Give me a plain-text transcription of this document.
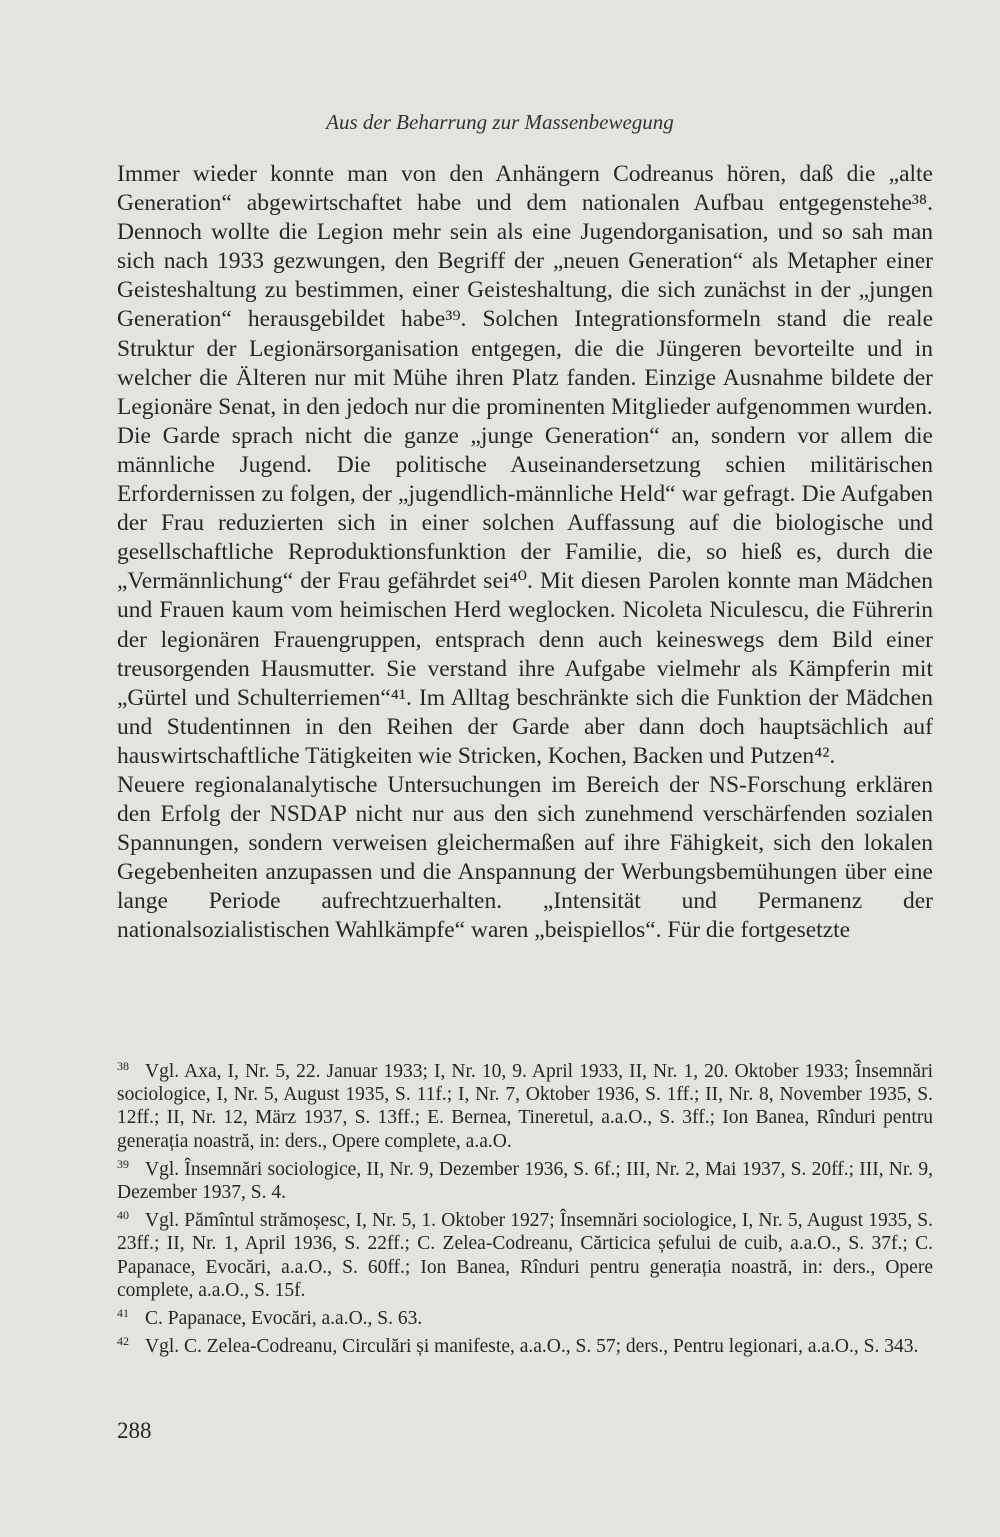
Aus der Beharrung zur Massenbewegung

Immer wieder konnte man von den Anhängern Codreanus hören, daß die „alte Generation“ abgewirtschaftet habe und dem nationalen Aufbau entgegenstehe³⁸. Dennoch wollte die Legion mehr sein als eine Jugendorganisation, und so sah man sich nach 1933 gezwungen, den Begriff der „neuen Generation“ als Metapher einer Geisteshaltung zu bestimmen, einer Geisteshaltung, die sich zunächst in der „jungen Generation“ herausgebildet habe³⁹. Solchen Integrationsformeln stand die reale Struktur der Legionärsorganisation entgegen, die die Jüngeren bevorteilte und in welcher die Älteren nur mit Mühe ihren Platz fanden. Einzige Ausnahme bildete der Legionäre Senat, in den jedoch nur die prominenten Mitglieder aufgenommen wurden.

Die Garde sprach nicht die ganze „junge Generation“ an, sondern vor allem die männliche Jugend. Die politische Auseinandersetzung schien militärischen Erfordernissen zu folgen, der „jugendlich-männliche Held“ war gefragt. Die Aufgaben der Frau reduzierten sich in einer solchen Auffassung auf die biologische und gesellschaftliche Reproduktionsfunktion der Familie, die, so hieß es, durch die „Vermännlichung“ der Frau gefährdet sei⁴⁰. Mit diesen Parolen konnte man Mädchen und Frauen kaum vom heimischen Herd weglocken. Nicoleta Niculescu, die Führerin der legionären Frauengruppen, entsprach denn auch keineswegs dem Bild einer treusorgenden Hausmutter. Sie verstand ihre Aufgabe vielmehr als Kämpferin mit „Gürtel und Schulterriemen“⁴¹. Im Alltag beschränkte sich die Funktion der Mädchen und Studentinnen in den Reihen der Garde aber dann doch hauptsächlich auf hauswirtschaftliche Tätigkeiten wie Stricken, Kochen, Backen und Putzen⁴².

Neuere regionalanalytische Untersuchungen im Bereich der NS-Forschung erklären den Erfolg der NSDAP nicht nur aus den sich zunehmend verschärfenden sozialen Spannungen, sondern verweisen gleichermaßen auf ihre Fähigkeit, sich den lokalen Gegebenheiten anzupassen und die Anspannung der Werbungsbemühungen über eine lange Periode aufrechtzuerhalten. „Intensität und Permanenz der nationalsozialistischen Wahlkämpfe“ waren „beispiellos“. Für die fortgesetzte

38 Vgl. Axa, I, Nr. 5, 22. Januar 1933; I, Nr. 10, 9. April 1933, II, Nr. 1, 20. Oktober 1933; Însemnări sociologice, I, Nr. 5, August 1935, S. 11f.; I, Nr. 7, Oktober 1936, S. 1ff.; II, Nr. 8, November 1935, S. 12ff.; II, Nr. 12, März 1937, S. 13ff.; E. Bernea, Tineretul, a.a.O., S. 3ff.; Ion Banea, Rînduri pentru generația noastră, in: ders., Opere complete, a.a.O.

39 Vgl. Însemnări sociologice, II, Nr. 9, Dezember 1936, S. 6f.; III, Nr. 2, Mai 1937, S. 20ff.; III, Nr. 9, Dezember 1937, S. 4.

40 Vgl. Pămîntul strămoșesc, I, Nr. 5, 1. Oktober 1927; Însemnări sociologice, I, Nr. 5, August 1935, S. 23ff.; II, Nr. 1, April 1936, S. 22ff.; C. Zelea-Codreanu, Cărticica șefului de cuib, a.a.O., S. 37f.; C. Papanace, Evocări, a.a.O., S. 60ff.; Ion Banea, Rînduri pentru generația noastră, in: ders., Opere complete, a.a.O., S. 15f.

41 C. Papanace, Evocări, a.a.O., S. 63.

42 Vgl. C. Zelea-Codreanu, Circulări și manifeste, a.a.O., S. 57; ders., Pentru legionari, a.a.O., S. 343.

288
